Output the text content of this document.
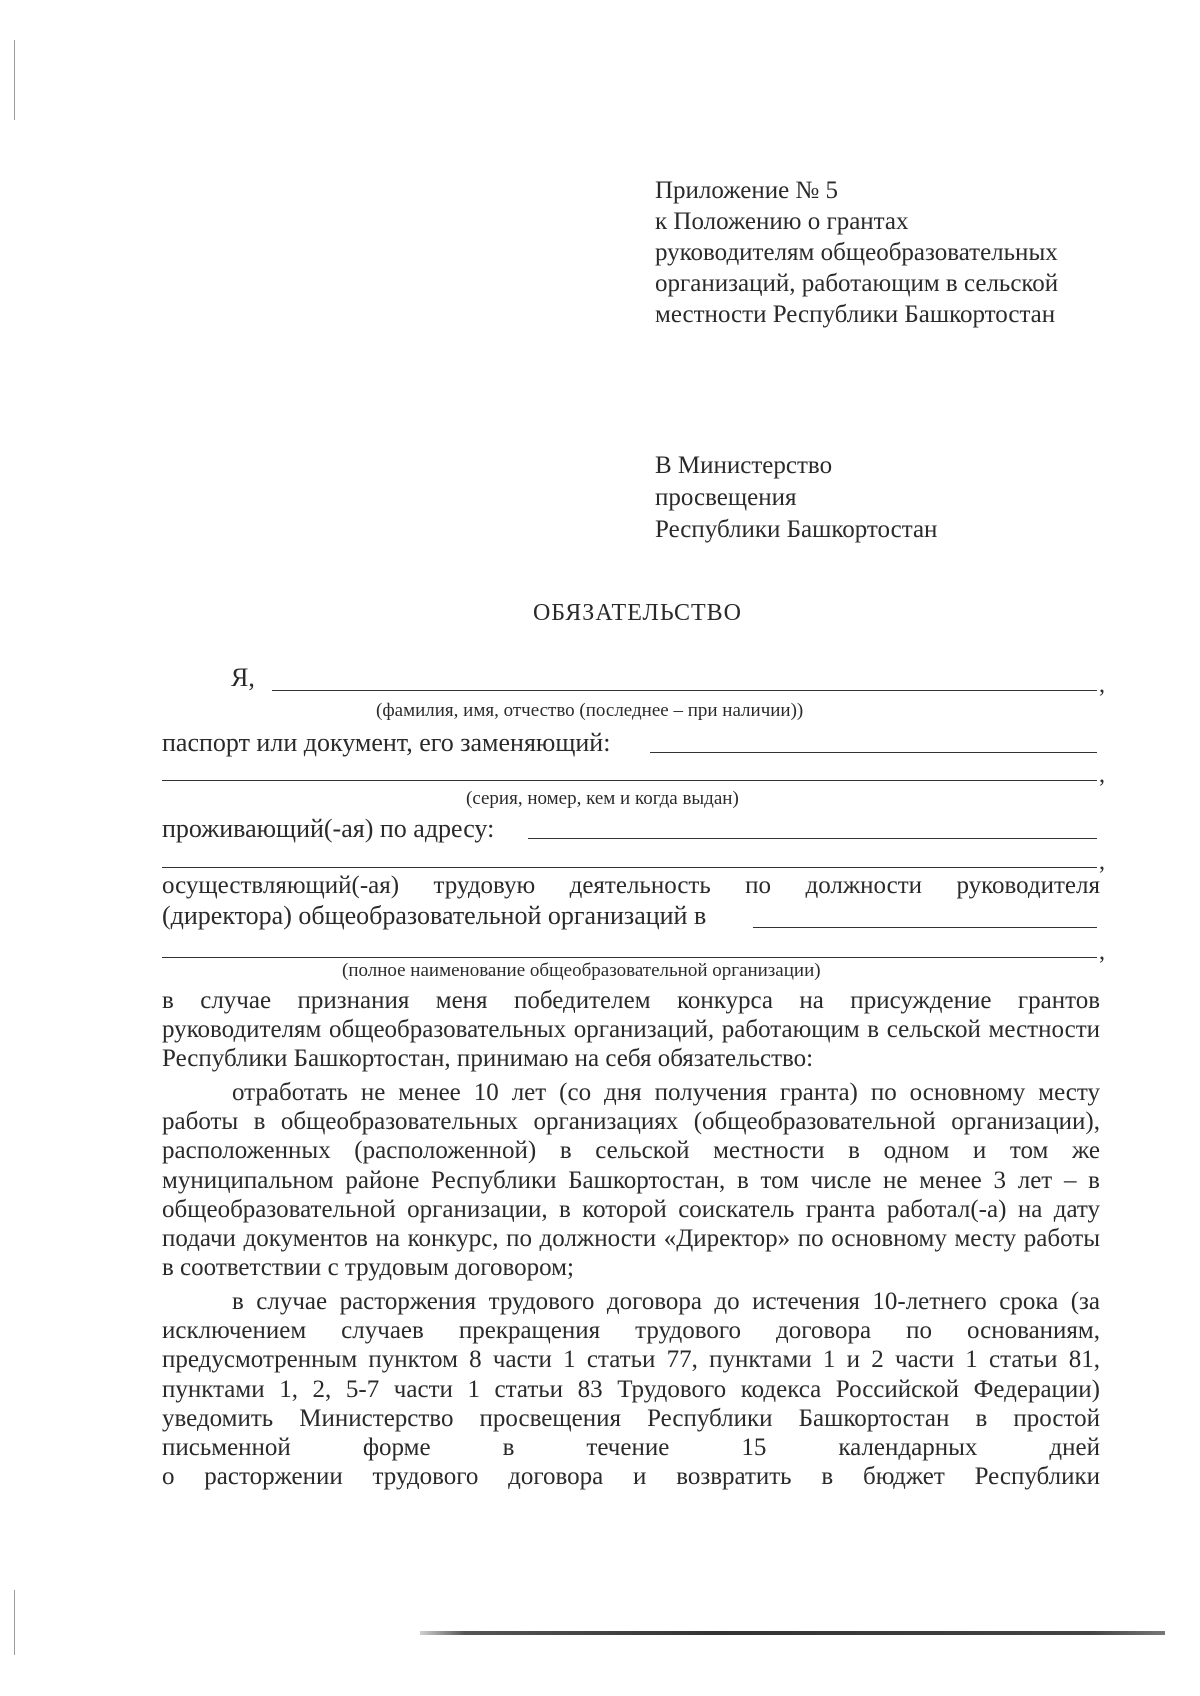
Приложение № 5
к Положению о грантах
руководителям общеобразовательных
организаций, работающим в сельской
местности Республики Башкортостан
В Министерство
просвещения
Республики Башкортостан
ОБЯЗАТЕЛЬСТВО
Я,	,
(фамилия, имя, отчество (последнее – при наличии))
паспорт или документ, его заменяющий:
,
(серия, номер, кем и когда выдан)
проживающий(-ая) по адресу:
,
осуществляющий(-ая) трудовую деятельность по должности руководителя
(директора) общеобразовательной организаций в
,
(полное наименование общеобразовательной организации)
в случае признания меня победителем конкурса на присуждение грантов руководителям общеобразовательных организаций, работающим в сельской местности Республики Башкортостан, принимаю на себя обязательство:
отработать не менее 10 лет (со дня получения гранта) по основному месту работы в общеобразовательных организациях (общеобразовательной организации), расположенных (расположенной) в сельской местности в одном и том же муниципальном районе Республики Башкортостан, в том числе не менее 3 лет – в общеобразовательной организации, в которой соискатель гранта работал(-а) на дату подачи документов на конкурс, по должности «Директор» по основному месту работы в соответствии с трудовым договором;
в случае расторжения трудового договора до истечения 10-летнего срока (за исключением случаев прекращения трудового договора по основаниям, предусмотренным пунктом 8 части 1 статьи 77, пунктами 1 и 2 части 1 статьи 81, пунктами 1, 2, 5-7 части 1 статьи 83 Трудового кодекса Российской Федерации) уведомить Министерство просвещения Республики Башкортостан в простой письменной форме в течение 15 календарных дней
о расторжении трудового договора и возвратить в бюджет Республики
